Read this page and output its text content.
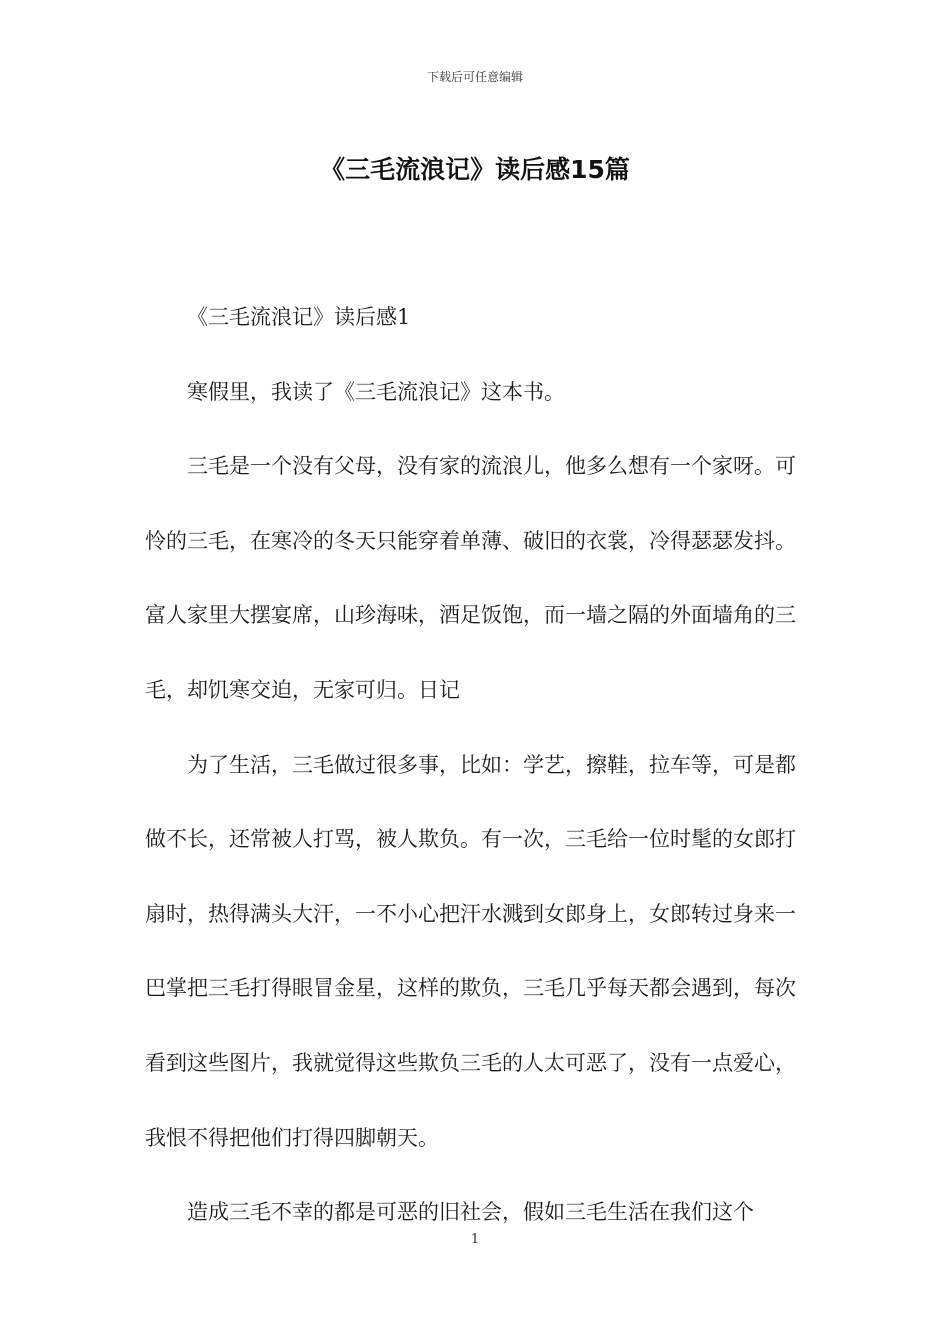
下载后可任意编辑
《三毛流浪记》读后感15篇

《三毛流浪记》读后感1

寒假里，我读了《三毛流浪记》这本书。

三毛是一个没有父母，没有家的流浪儿，他多么想有一个家呀。可怜的三毛，在寒冷的冬天只能穿着单薄、破旧的衣裳，冷得瑟瑟发抖。富人家里大摆宴席，山珍海味，酒足饭饱，而一墙之隔的外面墙角的三毛，却饥寒交迫，无家可归。日记

为了生活，三毛做过很多事，比如：学艺，擦鞋，拉车等，可是都做不长，还常被人打骂，被人欺负。有一次，三毛给一位时髦的女郎打扇时，热得满头大汗，一不小心把汗水溅到女郎身上，女郎转过身来一巴掌把三毛打得眼冒金星，这样的欺负，三毛几乎每天都会遇到，每次看到这些图片，我就觉得这些欺负三毛的人太可恶了，没有一点爱心，我恨不得把他们打得四脚朝天。

造成三毛不幸的都是可恶的旧社会，假如三毛生活在我们这个

1
